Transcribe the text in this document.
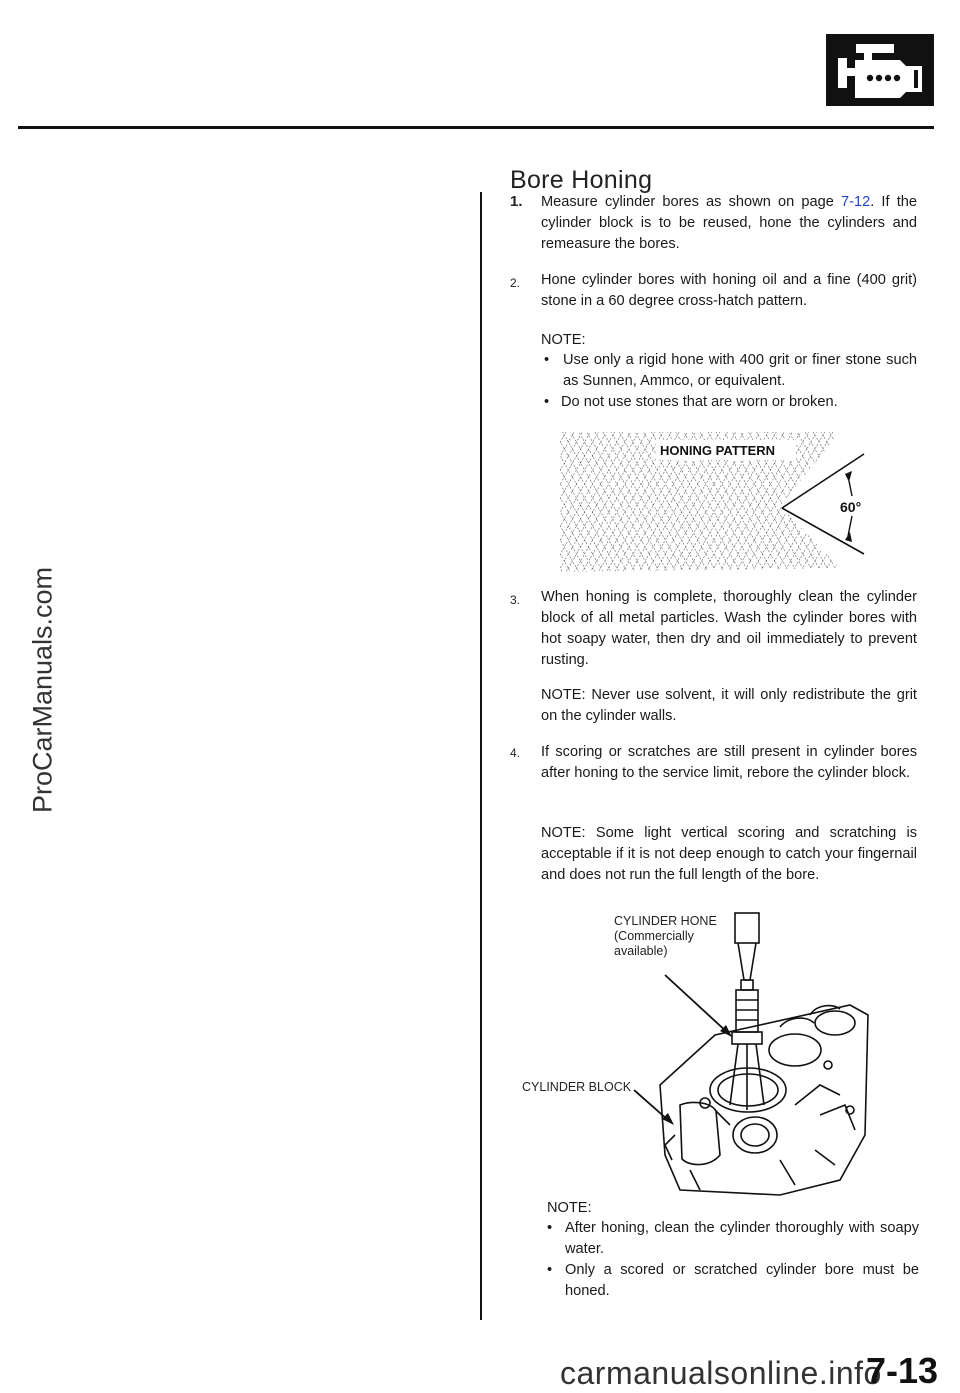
ProCarManuals.com
Bore Honing
1. Measure cylinder bores as shown on page 7-12. If the cylinder block is to be reused, hone the cylinders and remeasure the bores.
2. Hone cylinder bores with honing oil and a fine (400 grit) stone in a 60 degree cross-hatch pattern.
NOTE:
• Use only a rigid hone with 400 grit or finer stone such as Sunnen, Ammco, or equivalent.
• Do not use stones that are worn or broken.
HONING PATTERN
60°
3. When honing is complete, thoroughly clean the cylinder block of all metal particles. Wash the cylinder bores with hot soapy water, then dry and oil immediately to prevent rusting.
NOTE: Never use solvent, it will only redistribute the grit on the cylinder walls.
4. If scoring or scratches are still present in cylinder bores after honing to the service limit, rebore the cylinder block.
NOTE: Some light vertical scoring and scratching is acceptable if it is not deep enough to catch your fingernail and does not run the full length of the bore.
CYLINDER HONE
(Commercially
available)
CYLINDER BLOCK
NOTE:
• After honing, clean the cylinder thoroughly with soapy water.
• Only a scored or scratched cylinder bore must be honed.
carmanualsonline.info
7-13
